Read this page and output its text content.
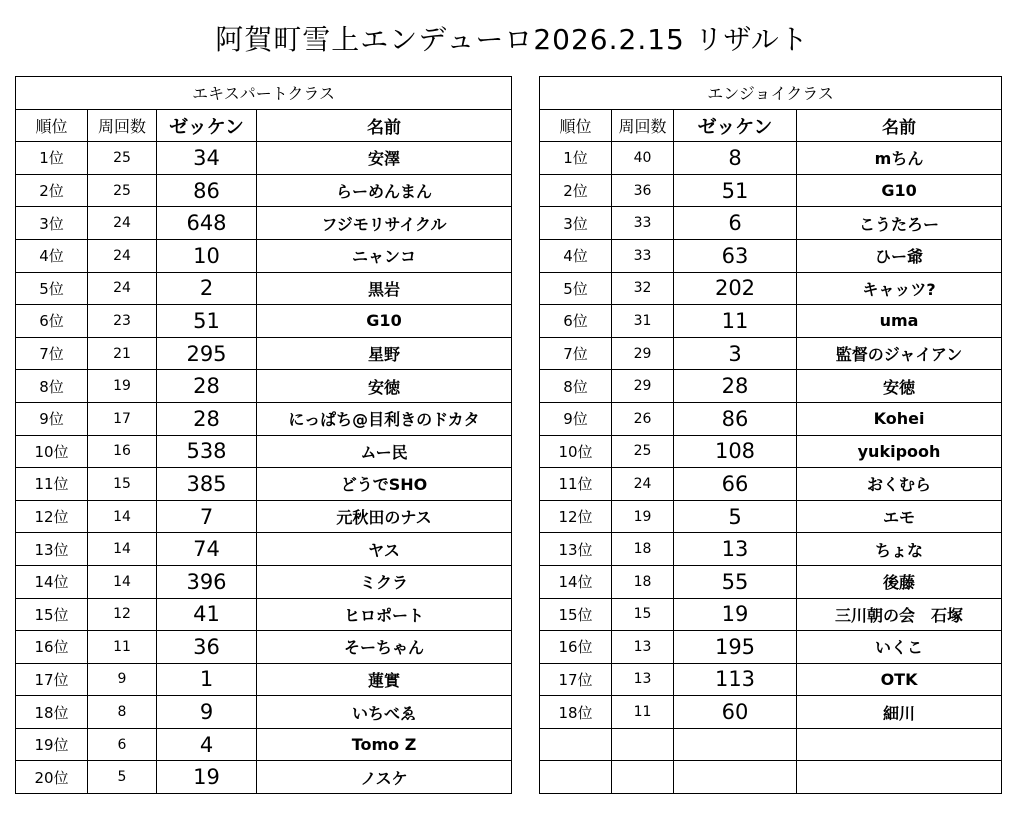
阿賀町雪上エンデューロ2026.2.15 リザルト
エキスパートクラス			
順位	周回数	ゼッケン	名前
1位	25	34	安澤
2位	25	86	らーめんまん
3位	24	648	フジモリサイクル
4位	24	10	ニャンコ
5位	24	2	黒岩
6位	23	51	G10
7位	21	295	星野
8位	19	28	安徳
9位	17	28	にっぱち@目利きのドカタ
10位	16	538	ムー民
11位	15	385	どうでSHO
12位	14	7	元秋田のナス
13位	14	74	ヤス
14位	14	396	ミクラ
15位	12	41	ヒロポート
16位	11	36	そーちゃん
17位	9	1	蓮實
18位	8	9	いちべゑ
19位	6	4	Tomo Z
20位	5	19	ノスケ
エンジョイクラス			
順位	周回数	ゼッケン	名前
1位	40	8	mちん
2位	36	51	G10
3位	33	6	こうたろー
4位	33	63	ひー爺
5位	32	202	キャッツ?
6位	31	11	uma
7位	29	3	監督のジャイアン
8位	29	28	安徳
9位	26	86	Kohei
10位	25	108	yukipooh
11位	24	66	おくむら
12位	19	5	エモ
13位	18	13	ちょな
14位	18	55	後藤
15位	15	19	三川朝の会　石塚
16位	13	195	いくこ
17位	13	113	OTK
18位	11	60	細川
